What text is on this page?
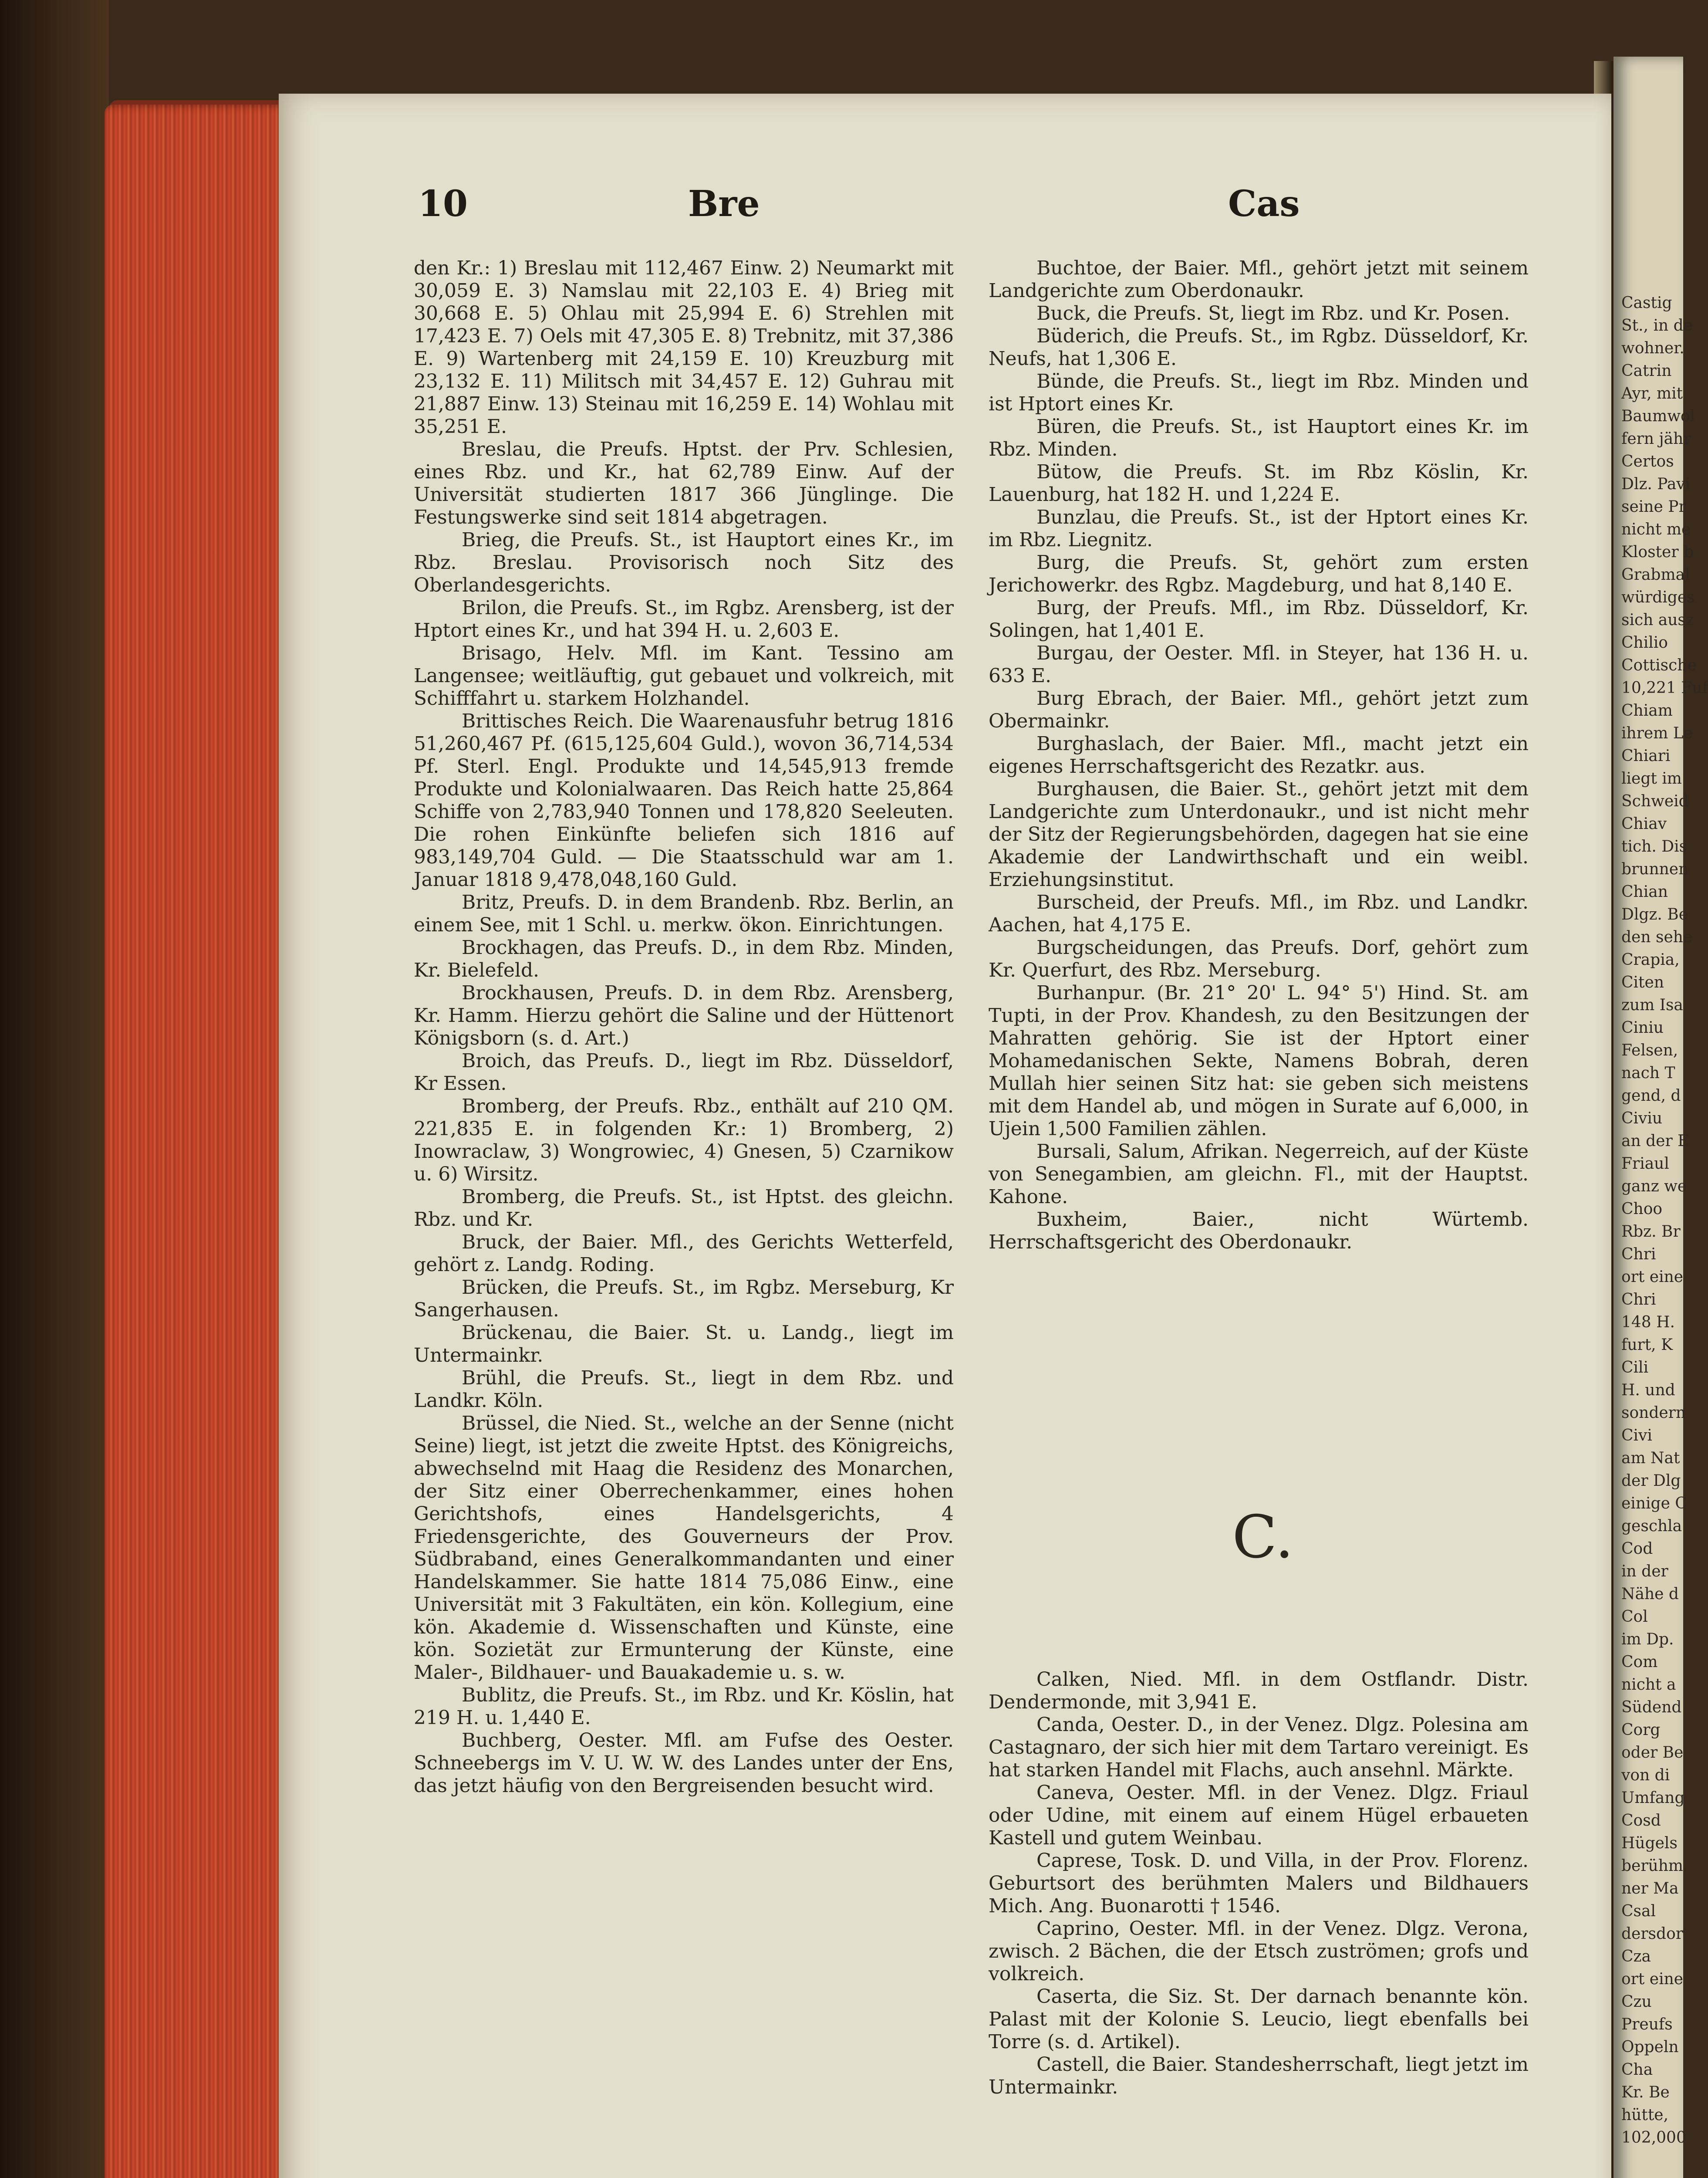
Castig
St., in de
wohner.
Catrin
Ayr, mit
Baumwol
fern jähr
Certos
Dlz. Pavi
seine Pr
nicht me
Kloster b
Grabmal
würdiges
sich ausz
Chilio
Cottische
10,221 Fuf
Chiam
ihrem Le
Chiari
liegt im
Schweid
Chiav
tich. Dis
brunnen
Chian
Dlgz. Be
den sehe
Crapia,
Citen
zum Isa
Ciniu
Felsen,
nach T
gend, d
Civiu
an der E
Friaul
ganz we
Choo
Rbz. Br
Chri
ort eine
Chri
148 H.
furt, K
Cili
H. und
sondern
Civi
am Nat
der Dlg
einige C
geschla
Cod
in der
Nähe d
Col
im Dp.
Com
nicht a
Südend
Corg
oder Be
von di
Umfang
Cosd
Hügels
berühm
ner Ma
Csal
dersdor
Cza
ort eine
Czu
Preufs
Oppeln
Cha
Kr. Be
hütte,
102,000
10	Bre	Cas

den Kr.: 1) Breslau mit 112,467 Einw. 2) Neumarkt mit 30,059 E. 3) Namslau mit 22,103 E. 4) Brieg mit 30,668 E. 5) Ohlau mit 25,994 E. 6) Strehlen mit 17,423 E. 7) Oels mit 47,305 E. 8) Trebnitz, mit 37,386 E. 9) Wartenberg mit 24,159 E. 10) Kreuzburg mit 23,132 E. 11) Militsch mit 34,457 E. 12) Guhrau mit 21,887 Einw. 13) Steinau mit 16,259 E. 14) Wohlau mit 35,251 E.

Breslau, die Preufs. Hptst. der Prv. Schlesien, eines Rbz. und Kr., hat 62,789 Einw. Auf der Universität studierten 1817 366 Jünglinge. Die Festungswerke sind seit 1814 abgetragen.

Brieg, die Preufs. St., ist Hauptort eines Kr., im Rbz. Breslau. Provisorisch noch Sitz des Oberlandesgerichts.

Brilon, die Preufs. St., im Rgbz. Arensberg, ist der Hptort eines Kr., und hat 394 H. u. 2,603 E.

Brisago, Helv. Mfl. im Kant. Tessino am Langensee; weitläuftig, gut gebauet und volkreich, mit Schifffahrt u. starkem Holzhandel.

Brittisches Reich. Die Waarenausfuhr betrug 1816 51,260,467 Pf. (615,125,604 Guld.), wovon 36,714,534 Pf. Sterl. Engl. Produkte und 14,545,913 fremde Produkte und Kolonialwaaren. Das Reich hatte 25,864 Schiffe von 2,783,940 Tonnen und 178,820 Seeleuten. Die rohen Einkünfte beliefen sich 1816 auf 983,149,704 Guld. — Die Staatsschuld war am 1. Januar 1818 9,478,048,160 Guld.

Britz, Preufs. D. in dem Brandenb. Rbz. Berlin, an einem See, mit 1 Schl. u. merkw. ökon. Einrichtungen.

Brockhagen, das Preufs. D., in dem Rbz. Minden, Kr. Bielefeld.

Brockhausen, Preufs. D. in dem Rbz. Arensberg, Kr. Hamm. Hierzu gehört die Saline und der Hüttenort Königsborn (s. d. Art.)

Broich, das Preufs. D., liegt im Rbz. Düsseldorf, Kr Essen.

Bromberg, der Preufs. Rbz., enthält auf 210 QM. 221,835 E. in folgenden Kr.: 1) Bromberg, 2) Inowraclaw, 3) Wongrowiec, 4) Gnesen, 5) Czarnikow u. 6) Wirsitz.

Bromberg, die Preufs. St., ist Hptst. des gleichn. Rbz. und Kr.

Bruck, der Baier. Mfl., des Gerichts Wetterfeld, gehört z. Landg. Roding.

Brücken, die Preufs. St., im Rgbz. Merseburg, Kr Sangerhausen.

Brückenau, die Baier. St. u. Landg., liegt im Untermainkr.

Brühl, die Preufs. St., liegt in dem Rbz. und Landkr. Köln.

Brüssel, die Nied. St., welche an der Senne (nicht Seine) liegt, ist jetzt die zweite Hptst. des Königreichs, abwechselnd mit Haag die Residenz des Monarchen, der Sitz einer Oberrechenkammer, eines hohen Gerichtshofs, eines Handelsgerichts, 4 Friedensgerichte, des Gouverneurs der Prov. Südbraband, eines Generalkommandanten und einer Handelskammer. Sie hatte 1814 75,086 Einw., eine Universität mit 3 Fakultäten, ein kön. Kollegium, eine kön. Akademie d. Wissenschaften und Künste, eine kön. Sozietät zur Ermunterung der Künste, eine Maler-, Bildhauer- und Bauakademie u. s. w.

Bublitz, die Preufs. St., im Rbz. und Kr. Köslin, hat 219 H. u. 1,440 E.

Buchberg, Oester. Mfl. am Fufse des Oester. Schneebergs im V. U. W. W. des Landes unter der Ens, das jetzt häufig von den Bergreisenden besucht wird.

Buchtoe, der Baier. Mfl., gehört jetzt mit seinem Landgerichte zum Oberdonaukr.

Buck, die Preufs. St, liegt im Rbz. und Kr. Posen.

Büderich, die Preufs. St., im Rgbz. Düsseldorf, Kr. Neufs, hat 1,306 E.

Bünde, die Preufs. St., liegt im Rbz. Minden und ist Hptort eines Kr.

Büren, die Preufs. St., ist Hauptort eines Kr. im Rbz. Minden.

Bütow, die Preufs. St. im Rbz Köslin, Kr. Lauenburg, hat 182 H. und 1,224 E.

Bunzlau, die Preufs. St., ist der Hptort eines Kr. im Rbz. Liegnitz.

Burg, die Preufs. St, gehört zum ersten Jerichowerkr. des Rgbz. Magdeburg, und hat 8,140 E.

Burg, der Preufs. Mfl., im Rbz. Düsseldorf, Kr. Solingen, hat 1,401 E.

Burgau, der Oester. Mfl. in Steyer, hat 136 H. u. 633 E.

Burg Ebrach, der Baier. Mfl., gehört jetzt zum Obermainkr.

Burghaslach, der Baier. Mfl., macht jetzt ein eigenes Herrschaftsgericht des Rezatkr. aus.

Burghausen, die Baier. St., gehört jetzt mit dem Landgerichte zum Unterdonaukr., und ist nicht mehr der Sitz der Regierungsbehörden, dagegen hat sie eine Akademie der Landwirthschaft und ein weibl. Erziehungsinstitut.

Burscheid, der Preufs. Mfl., im Rbz. und Landkr. Aachen, hat 4,175 E.

Burgscheidungen, das Preufs. Dorf, gehört zum Kr. Querfurt, des Rbz. Merseburg.

Burhanpur. (Br. 21° 20' L. 94° 5') Hind. St. am Tupti, in der Prov. Khandesh, zu den Besitzungen der Mahratten gehörig. Sie ist der Hptort einer Mohamedanischen Sekte, Namens Bobrah, deren Mullah hier seinen Sitz hat: sie geben sich meistens mit dem Handel ab, und mögen in Surate auf 6,000, in Ujein 1,500 Familien zählen.

Bursali, Salum, Afrikan. Negerreich, auf der Küste von Senegambien, am gleichn. Fl., mit der Hauptst. Kahone.

Buxheim, Baier., nicht Würtemb. Herrschaftsgericht des Oberdonaukr.

C.

Calken, Nied. Mfl. in dem Ostflandr. Distr. Dendermonde, mit 3,941 E.

Canda, Oester. D., in der Venez. Dlgz. Polesina am Castagnaro, der sich hier mit dem Tartaro vereinigt. Es hat starken Handel mit Flachs, auch ansehnl. Märkte.

Caneva, Oester. Mfl. in der Venez. Dlgz. Friaul oder Udine, mit einem auf einem Hügel erbaueten Kastell und gutem Weinbau.

Caprese, Tosk. D. und Villa, in der Prov. Florenz. Geburtsort des berühmten Malers und Bildhauers Mich. Ang. Buonarotti † 1546.

Caprino, Oester. Mfl. in der Venez. Dlgz. Verona, zwisch. 2 Bächen, die der Etsch zuströmen; grofs und volkreich.

Caserta, die Siz. St. Der darnach benannte kön. Palast mit der Kolonie S. Leucio, liegt ebenfalls bei Torre (s. d. Artikel).

Castell, die Baier. Standesherrschaft, liegt jetzt im Untermainkr.
